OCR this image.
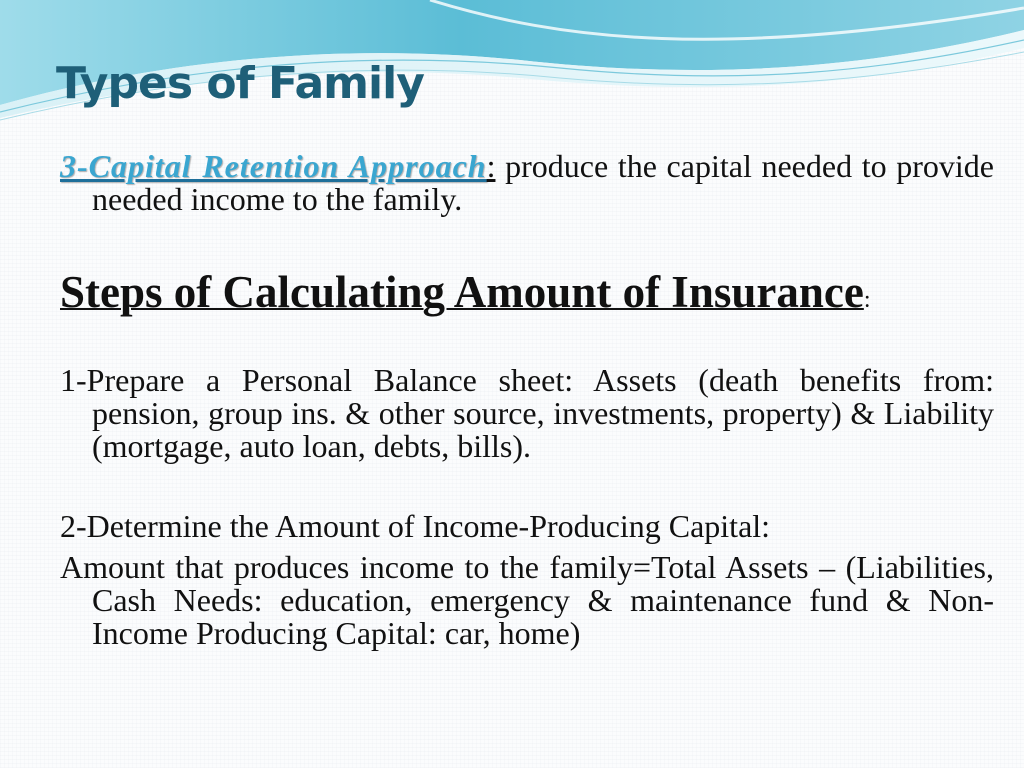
Types of Family

3-Capital Retention Approach: produce the capital needed to provide needed income to the family.

Steps of Calculating Amount of Insurance:

1-Prepare a Personal Balance sheet: Assets (death benefits from: pension, group ins. & other source, investments, property) & Liability (mortgage, auto loan, debts, bills).

2-Determine the Amount of Income-Producing Capital:

Amount that produces income to the family=Total Assets – (Liabilities, Cash Needs: education, emergency & maintenance fund & Non-Income Producing Capital: car, home)
